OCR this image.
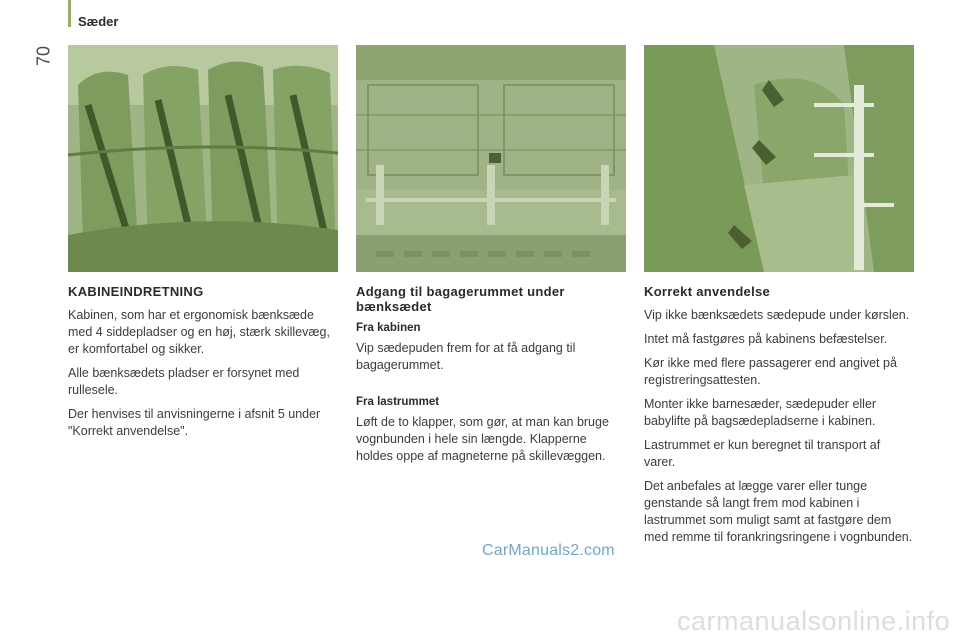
Sæder
70
KABINEINDRETNING

Kabinen, som har et ergonomisk bænksæde med 4 siddepladser og en høj, stærk skillevæg, er komfortabel og sikker.

Alle bænksædets pladser er forsynet med rullesele.

Der henvises til anvisningerne i afsnit 5 under "Korrekt anvendelse".

Adgang til bagagerummet under bænksædet
Fra kabinen

Vip sædepuden frem for at få adgang til bagagerummet.

Fra lastrummet

Løft de to klapper, som gør, at man kan bruge vognbunden i hele sin længde. Klapperne holdes oppe af magneterne på skillevæggen.

Korrekt anvendelse

Vip ikke bænksædets sædepude under kørslen.

Intet må fastgøres på kabinens befæstelser.

Kør ikke med flere passagerer end angivet på registreringsattesten.

Monter ikke barnesæder, sædepuder eller babylifte på bagsædepladserne i kabinen.

Lastrummet er kun beregnet til transport af varer.

Det anbefales at lægge varer eller tunge genstande så langt frem mod kabinen i lastrummet som muligt samt at fastgøre dem med remme til forankringsringene i vognbunden.

CarManuals2.com
carmanualsonline.info
